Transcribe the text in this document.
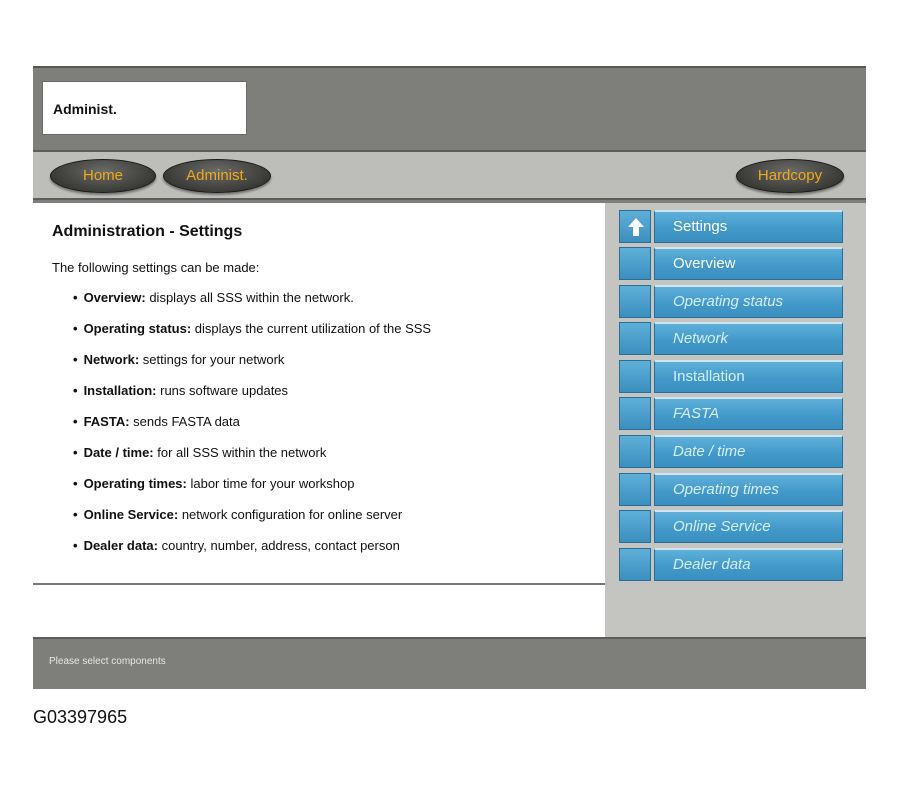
Administ.
Home	Administ.	Hardcopy
Administration - Settings
The following settings can be made:
• Overview: displays all SSS within the network.
• Operating status: displays the current utilization of the SSS
• Network: settings for your network
• Installation: runs software updates
• FASTA: sends FASTA data
• Date / time: for all SSS within the network
• Operating times: labor time for your workshop
• Online Service: network configuration for online server
• Dealer data: country, number, address, contact person
Settings
Overview
Operating status
Network
Installation
FASTA
Date / time
Operating times
Online Service
Dealer data
Please select components
G03397965
